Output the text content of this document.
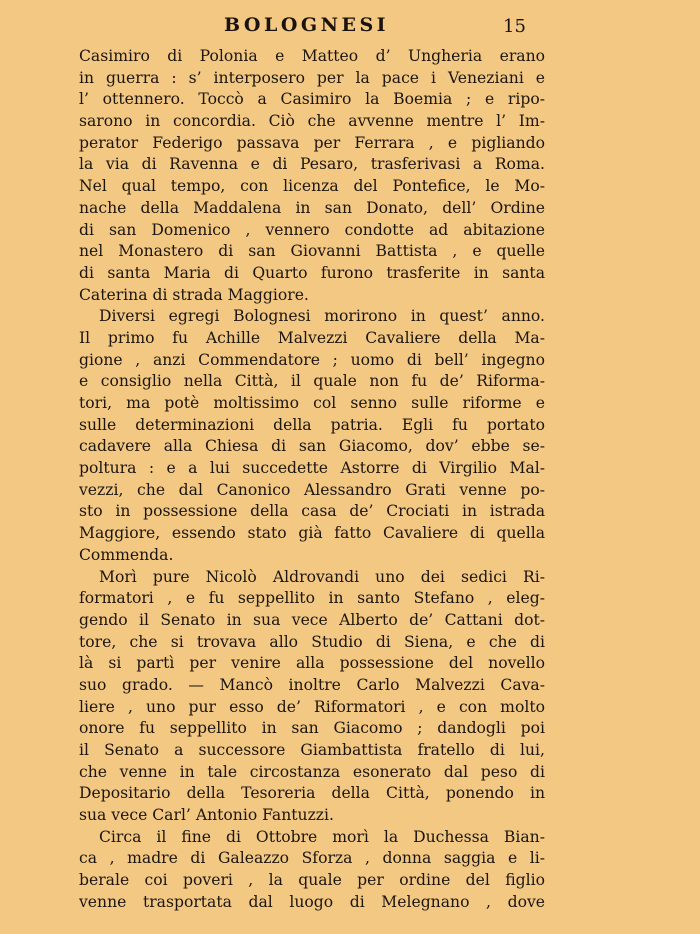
BOLOGNESI	15
Casimiro di Polonia e Matteo d’ Ungheria erano
in guerra : s’ interposero per la pace i Veneziani e
l’ ottennero. Toccò a Casimiro la Boemia ; e ripo-
sarono in concordia. Ciò che avvenne mentre l’ Im-
perator Federigo passava per Ferrara , e pigliando
la via di Ravenna e di Pesaro, trasferivasi a Roma.
Nel qual tempo, con licenza del Pontefice, le Mo-
nache della Maddalena in san Donato, dell’ Ordine
di san Domenico , vennero condotte ad abitazione
nel Monastero di san Giovanni Battista , e quelle
di santa Maria di Quarto furono trasferite in santa
Caterina di strada Maggiore.
Diversi egregi Bolognesi morirono in quest’ anno.
Il primo fu Achille Malvezzi Cavaliere della Ma-
gione , anzi Commendatore ; uomo di bell’ ingegno
e consiglio nella Città, il quale non fu de’ Riforma-
tori, ma potè moltissimo col senno sulle riforme e
sulle determinazioni della patria. Egli fu portato
cadavere alla Chiesa di san Giacomo, dov’ ebbe se-
poltura : e a lui succedette Astorre di Virgilio Mal-
vezzi, che dal Canonico Alessandro Grati venne po-
sto in possessione della casa de’ Crociati in istrada
Maggiore, essendo stato già fatto Cavaliere di quella
Commenda.
Morì pure Nicolò Aldrovandi uno dei sedici Ri-
formatori , e fu seppellito in santo Stefano , eleg-
gendo il Senato in sua vece Alberto de’ Cattani dot-
tore, che si trovava allo Studio di Siena, e che di
là si partì per venire alla possessione del novello
suo grado. — Mancò inoltre Carlo Malvezzi Cava-
liere , uno pur esso de’ Riformatori , e con molto
onore fu seppellito in san Giacomo ; dandogli poi
il Senato a successore Giambattista fratello di lui,
che venne in tale circostanza esonerato dal peso di
Depositario della Tesoreria della Città, ponendo in
sua vece Carl’ Antonio Fantuzzi.
Circa il fine di Ottobre morì la Duchessa Bian-
ca , madre di Galeazzo Sforza , donna saggia e li-
berale coi poveri , la quale per ordine del figlio
venne trasportata dal luogo di Melegnano , dove
